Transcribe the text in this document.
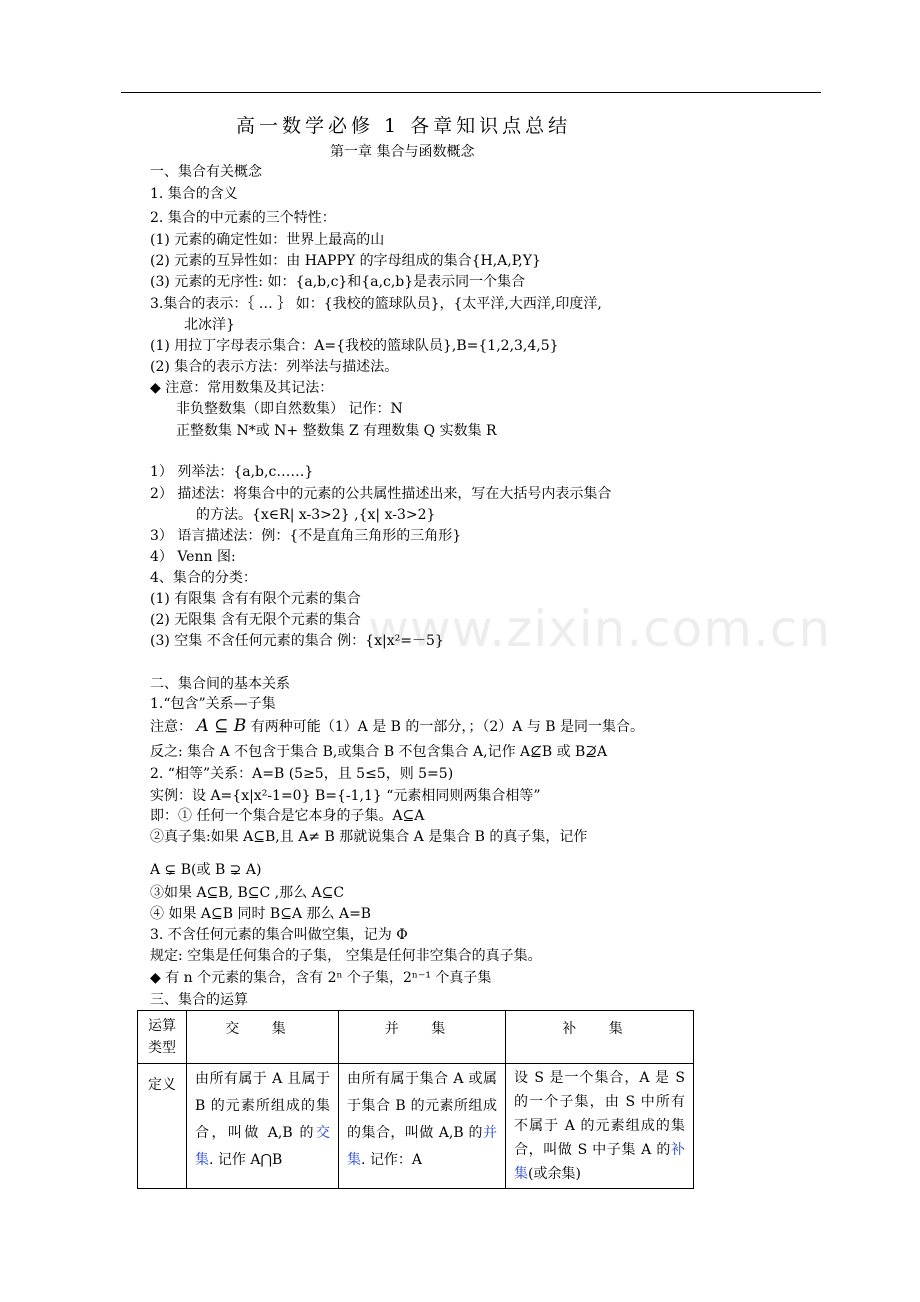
高一数学必修 1 各章知识点总结
第一章 集合与函数概念
一、集合有关概念
1. 集合的含义
2. 集合的中元素的三个特性：
(1) 元素的确定性如：世界上最高的山
(2) 元素的互异性如：由 HAPPY 的字母组成的集合{H,A,P,Y}
(3) 元素的无序性: 如：{a,b,c}和{a,c,b}是表示同一个集合
3.集合的表示：｛ … ｝ 如：{我校的篮球队员}，{太平洋,大西洋,印度洋,
北冰洋}
(1) 用拉丁字母表示集合：A={我校的篮球队员},B={1,2,3,4,5}
(2) 集合的表示方法：列举法与描述法。
◆ 注意：常用数集及其记法：
非负整数集（即自然数集） 记作：N
正整数集 N*或 N+ 整数集 Z 有理数集 Q 实数集 R
1） 列举法：{a,b,c……}
2） 描述法：将集合中的元素的公共属性描述出来，写在大括号内表示集合
的方法。{x∈R| x-3>2} ,{x| x-3>2}
3） 语言描述法：例：{不是直角三角形的三角形}
4） Venn 图:
4、集合的分类：
(1) 有限集 含有有限个元素的集合
(2) 无限集 含有无限个元素的集合
(3) 空集 不含任何元素的集合 例：{x|x²=－5}
www.zixin.com.cn
二、集合间的基本关系
1.“包含”关系—子集
注意： A ⊆ B 有两种可能（1）A 是 B 的一部分，；（2）A 与 B 是同一集合。
反之: 集合 A 不包含于集合 B,或集合 B 不包含集合 A,记作 A⊈B 或 B⊉A
2. “相等”关系：A=B (5≥5，且 5≤5，则 5=5)
实例：设 A={x|x²-1=0} B={-1,1} “元素相同则两集合相等”
即：① 任何一个集合是它本身的子集。A⊆A
②真子集:如果 A⊆B,且 A≠ B 那就说集合 A 是集合 B 的真子集，记作
A ⊊ B(或 B ⊋ A)
③如果 A⊆B, B⊆C ,那么 A⊆C
④ 如果 A⊆B 同时 B⊆A 那么 A=B
3. 不含任何元素的集合叫做空集，记为 Φ
规定: 空集是任何集合的子集， 空集是任何非空集合的真子集。
◆ 有 n 个元素的集合，含有 2ⁿ 个子集，2ⁿ⁻¹ 个真子集
三、集合的运算
运算类型	交 集	并 集	补 集
定义	由所有属于 A 且属于 B 的元素所组成的集合，叫做 A,B 的交集. 记作 A⋂B	由所有属于集合 A 或属于集合 B 的元素所组成的集合，叫做 A,B 的并集. 记作：A	设 S 是一个集合，A 是 S 的一个子集，由 S 中所有不属于 A 的元素组成的集合，叫做 S 中子集 A 的补集(或余集)
